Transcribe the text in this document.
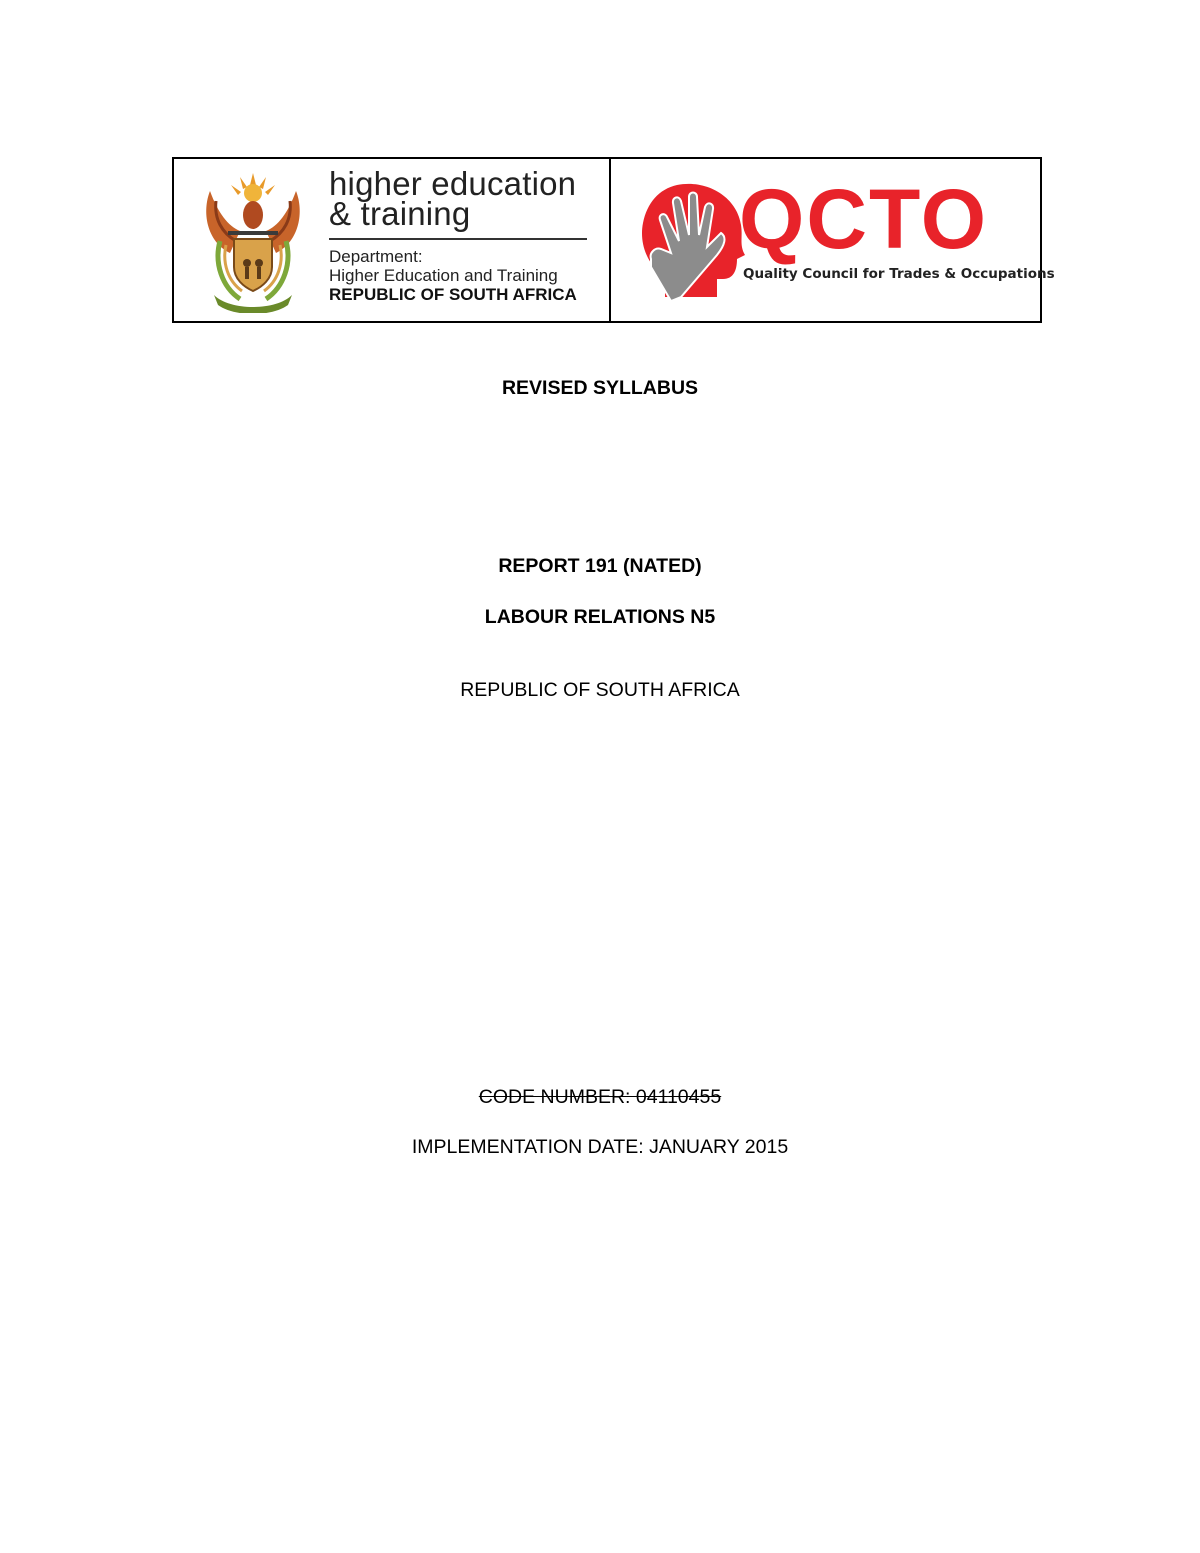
higher education
& training
Department:
Higher Education and Training
REPUBLIC OF SOUTH AFRICA
QCTO
Quality Council for Trades & Occupations
REVISED SYLLABUS
REPORT 191 (NATED)
LABOUR RELATIONS N5
REPUBLIC OF SOUTH AFRICA
CODE NUMBER: 04110455
IMPLEMENTATION DATE: JANUARY 2015
